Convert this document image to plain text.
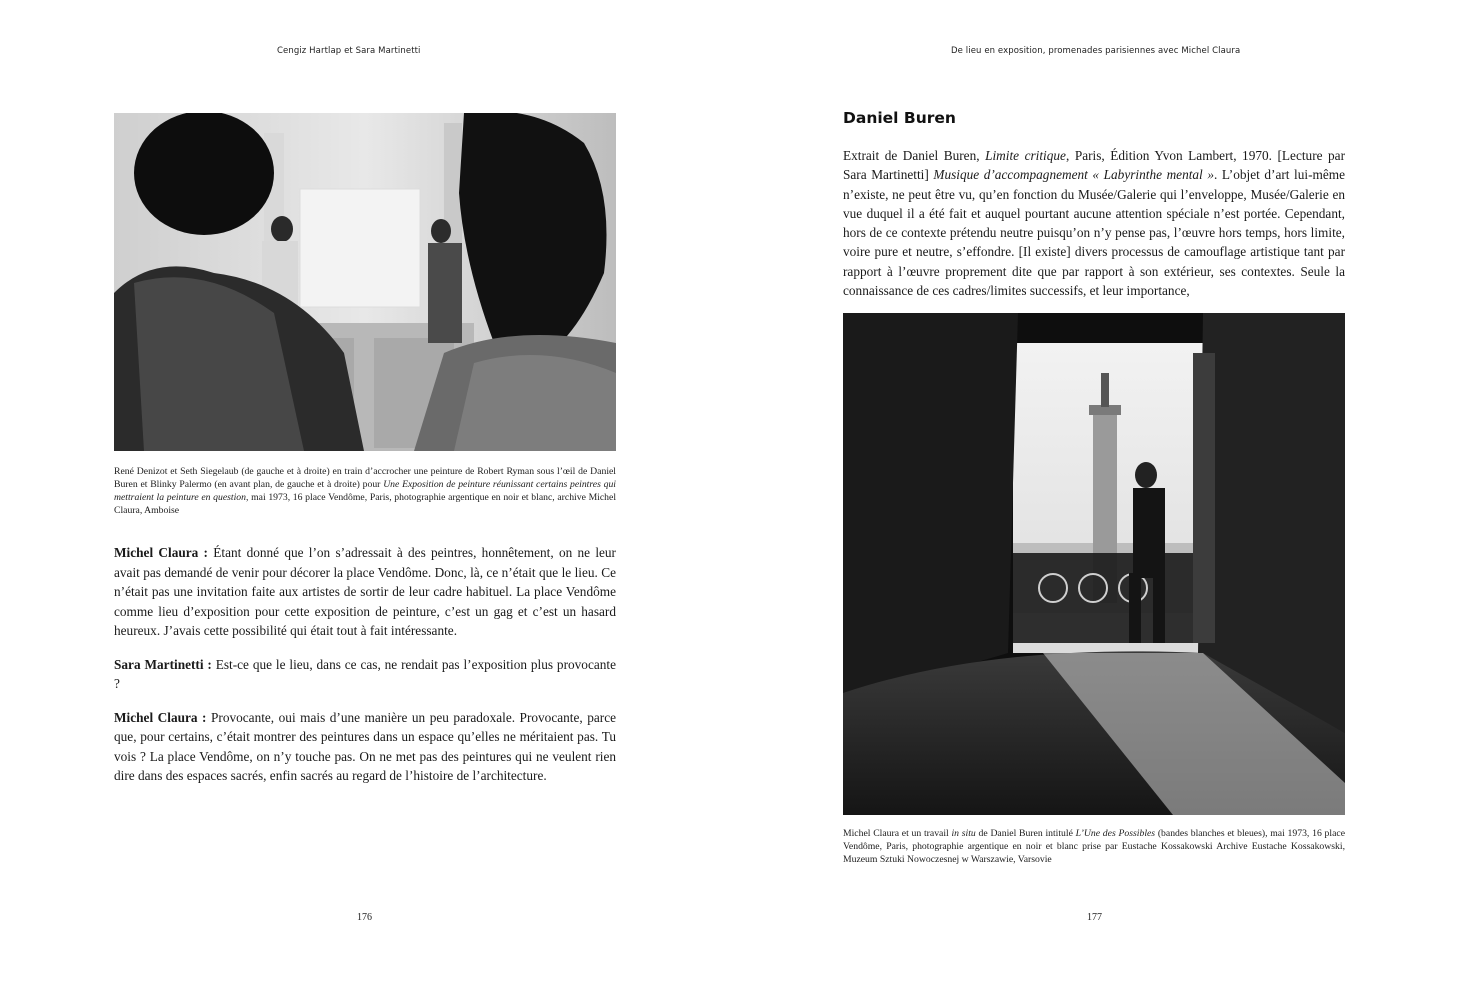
Cengiz Hartlap et Sara Martinetti
René Denizot et Seth Siegelaub (de gauche et à droite) en train d’accrocher une peinture de Robert Ryman sous l’œil de Daniel Buren et Blinky Palermo (en avant plan, de gauche et à droite) pour Une Exposition de peinture réunissant certains peintres qui mettraient la peinture en question, mai 1973, 16 place Vendôme, Paris, photographie argentique en noir et blanc, archive Michel Claura, Amboise

Michel Claura : Étant donné que l’on s’adressait à des peintres, honnêtement, on ne leur avait pas demandé de venir pour décorer la place Vendôme. Donc, là, ce n’était que le lieu. Ce n’était pas une invitation faite aux artistes de sortir de leur cadre habituel. La place Vendôme comme lieu d’exposition pour cette exposition de peinture, c’est un gag et c’est un hasard heureux. J’avais cette possibilité qui était tout à fait intéressante.

Sara Martinetti : Est-ce que le lieu, dans ce cas, ne rendait pas l’exposition plus provocante ?

Michel Claura : Provocante, oui mais d’une manière un peu paradoxale. Provocante, parce que, pour certains, c’était montrer des peintures dans un espace qu’elles ne méritaient pas. Tu vois ? La place Vendôme, on n’y touche pas. On ne met pas des peintures qui ne veulent rien dire dans des espaces sacrés, enfin sacrés au regard de l’histoire de l’architecture.

176
De lieu en exposition, promenades parisiennes avec Michel Claura
Daniel Buren
Extrait de Daniel Buren, Limite critique, Paris, Édition Yvon Lambert, 1970. [Lecture par Sara Martinetti] Musique d’accompagnement « Labyrinthe mental ». L’objet d’art lui-même n’existe, ne peut être vu, qu’en fonction du Musée/Galerie qui l’enveloppe, Musée/Galerie en vue duquel il a été fait et auquel pourtant aucune attention spéciale n’est portée. Cependant, hors de ce contexte prétendu neutre puisqu’on n’y pense pas, l’œuvre hors temps, hors limite, voire pure et neutre, s’effondre. [Il existe] divers processus de camouflage artistique tant par rapport à l’œuvre proprement dite que par rapport à son extérieur, ses contextes. Seule la connaissance de ces cadres/limites successifs, et leur importance,
Michel Claura et un travail in situ de Daniel Buren intitulé L’Une des Possibles (bandes blanches et bleues), mai 1973, 16 place Vendôme, Paris, photographie argentique en noir et blanc prise par Eustache Kossakowski Archive Eustache Kossakowski, Muzeum Sztuki Nowoczesnej w Warszawie, Varsovie
177
